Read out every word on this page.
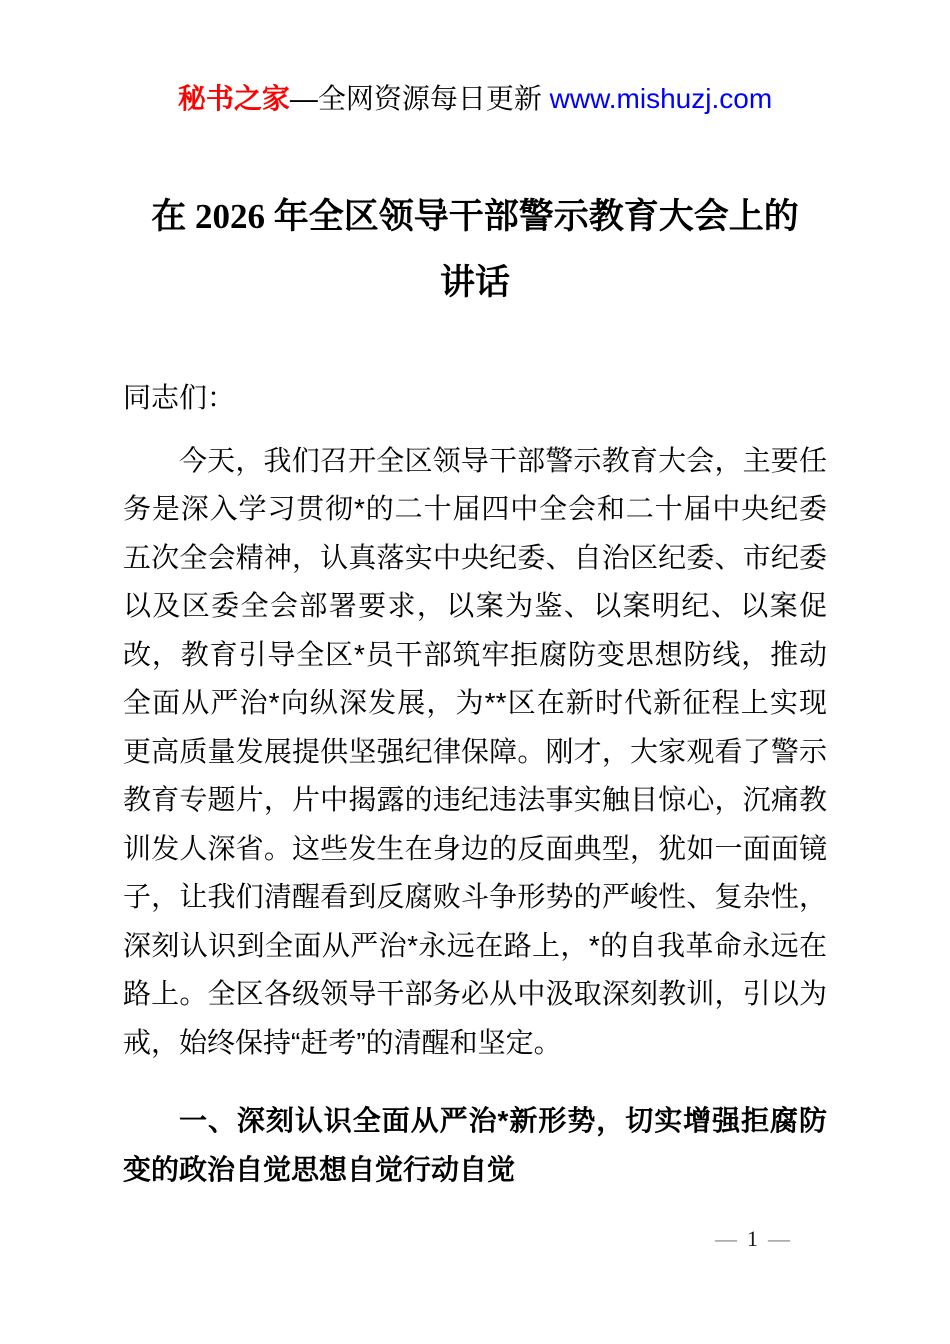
秘书之家—全网资源每日更新 www.mishuzj.com
在 2026 年全区领导干部警示教育大会上的
讲话

同志们：

今天，我们召开全区领导干部警示教育大会，主要任务是深入学习贯彻*的二十届四中全会和二十届中央纪委五次全会精神，认真落实中央纪委、自治区纪委、市纪委以及区委全会部署要求，以案为鉴、以案明纪、以案促改，教育引导全区*员干部筑牢拒腐防变思想防线，推动全面从严治*向纵深发展，为**区在新时代新征程上实现更高质量发展提供坚强纪律保障。刚才，大家观看了警示教育专题片，片中揭露的违纪违法事实触目惊心，沉痛教训发人深省。这些发生在身边的反面典型，犹如一面面镜子，让我们清醒看到反腐败斗争形势的严峻性、复杂性，深刻认识到全面从严治*永远在路上，*的自我革命永远在路上。全区各级领导干部务必从中汲取深刻教训，引以为戒，始终保持“赶考”的清醒和坚定。

一、深刻认识全面从严治*新形势，切实增强拒腐防变的政治自觉思想自觉行动自觉

— 1 —
